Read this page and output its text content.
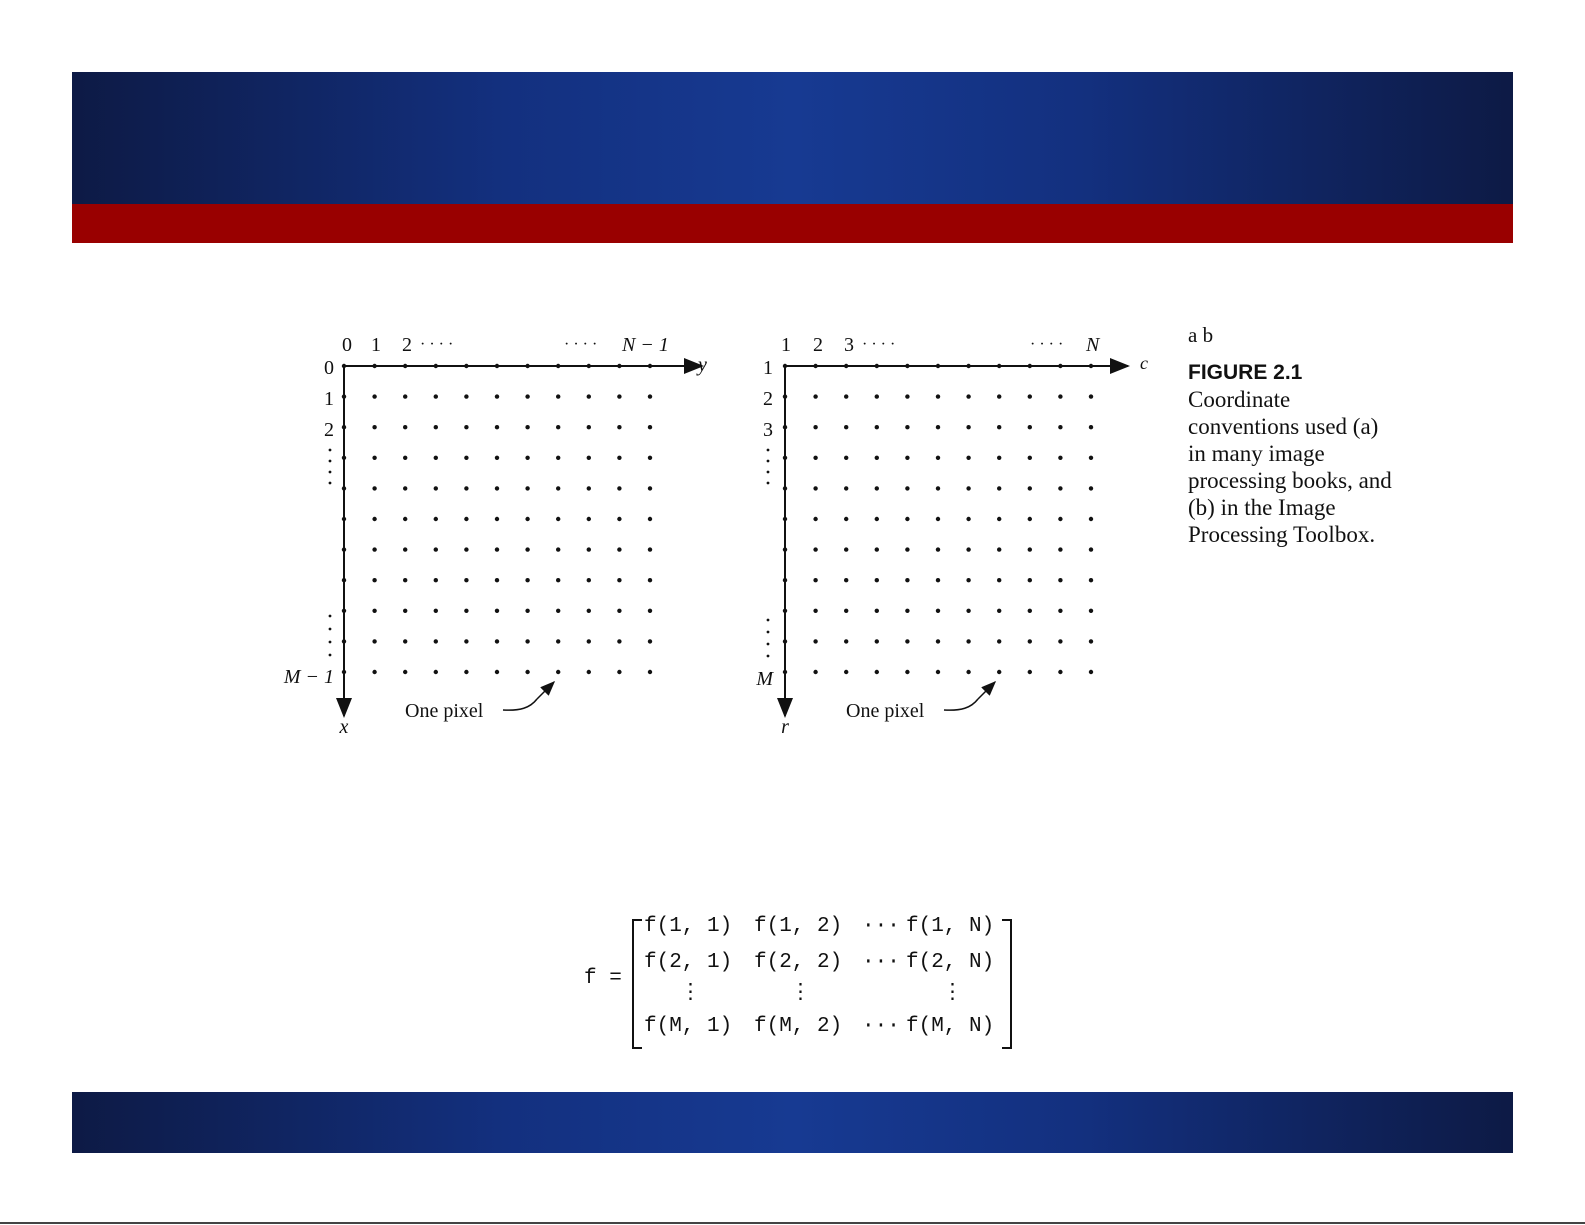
0 1 2 · · · ·	· · · · N − 1
y
0
1
2
M − 1
x
One pixel
1 2 3 · · · ·	· · · · N
c
1
2
3
M
r
One pixel
a b
FIGURE 2.1
Coordinate conventions used (a) in many image processing books, and (b) in the Image Processing Toolbox.
f =
f(1, 1) f(1, 2) ··· f(1, N)
f(2, 1) f(2, 2) ··· f(2, N)
⋮	⋮	⋮
f(M, 1) f(M, 2) ··· f(M, N)
